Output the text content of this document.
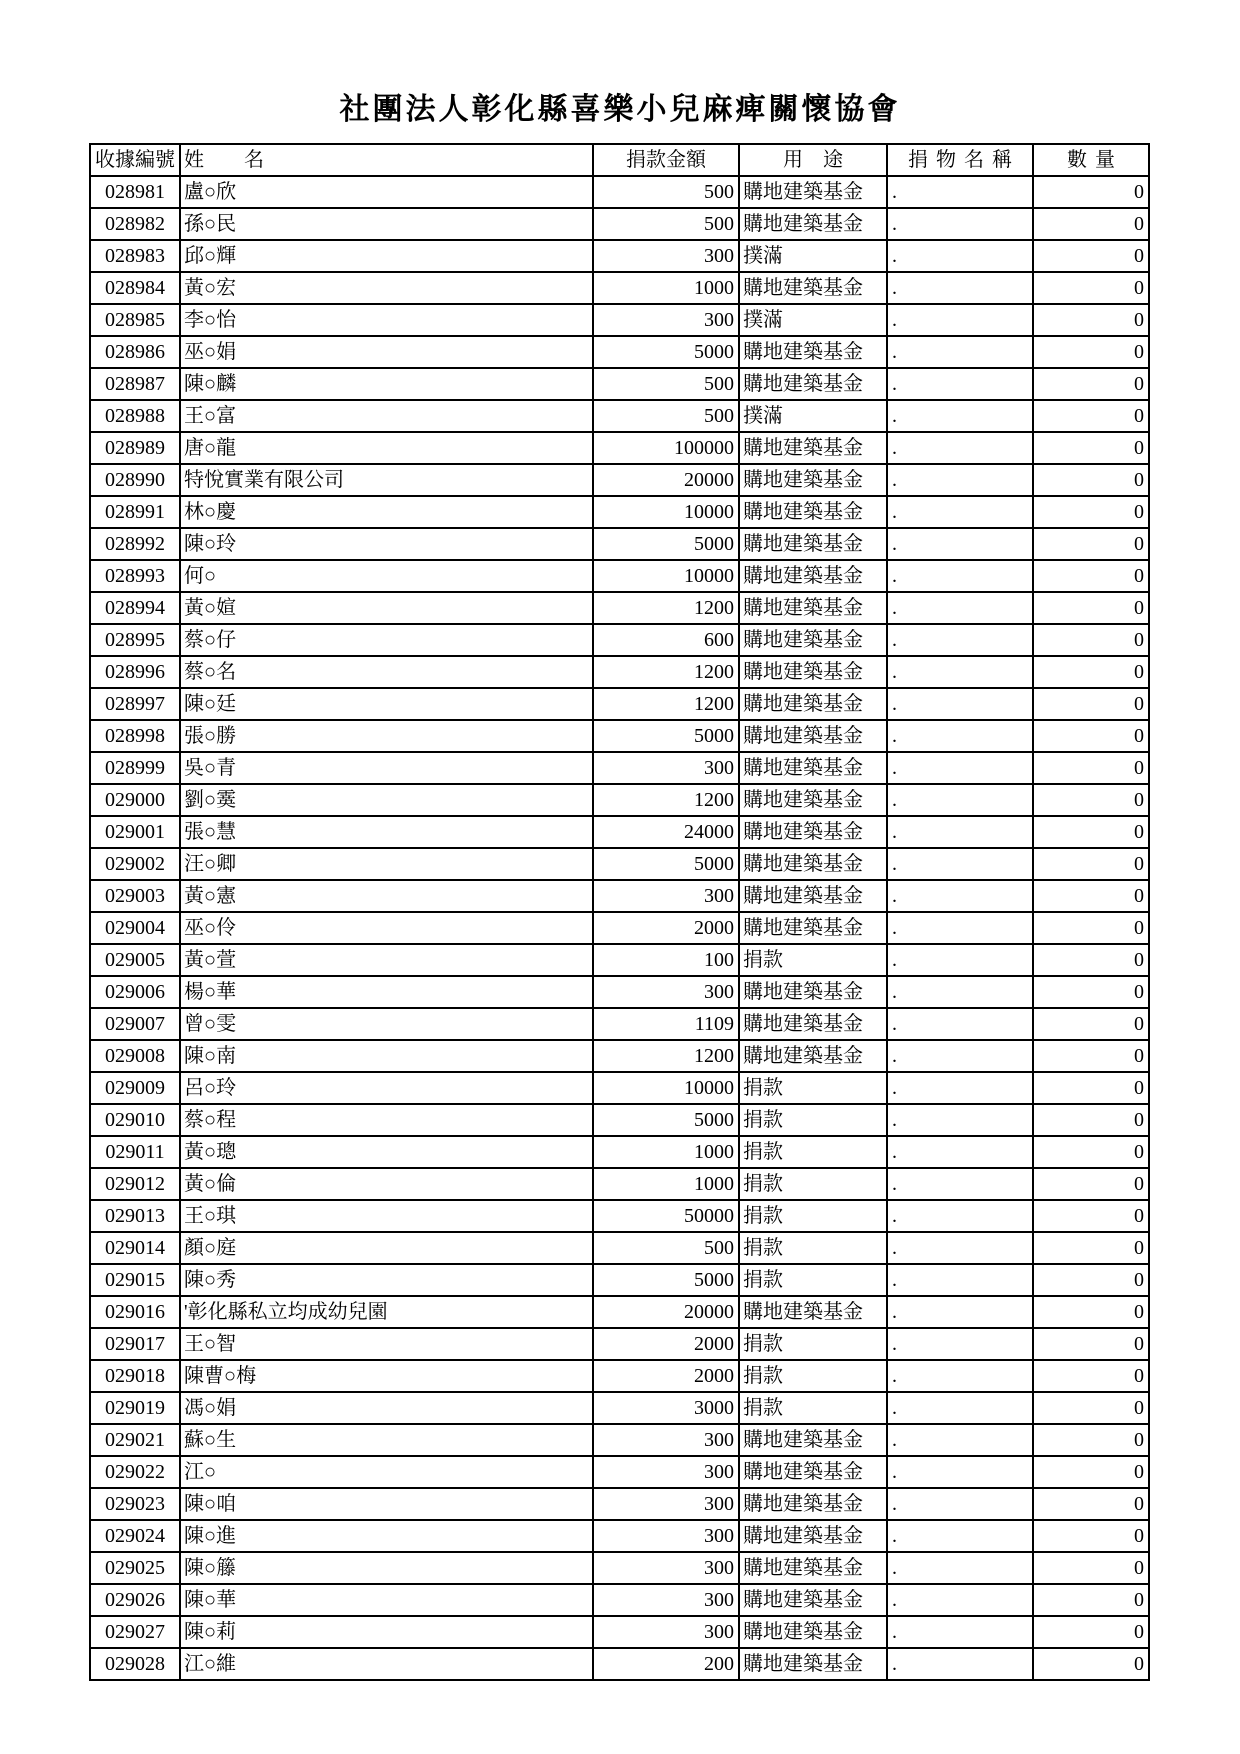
社團法人彰化縣喜樂小兒麻痺關懷協會
收據編號 姓　　名	捐款金額	用　途	捐物名稱	數量
028981 盧○欣	500 購地建築基金	.	0
028982 孫○民	500 購地建築基金	.	0
028983 邱○輝	300 撲滿	.	0
028984 黃○宏	1000 購地建築基金	.	0
028985 李○怡	300 撲滿	.	0
028986 巫○娟	5000 購地建築基金	.	0
028987 陳○麟	500 購地建築基金	.	0
028988 王○富	500 撲滿	.	0
028989 唐○龍	100000 購地建築基金	.	0
028990 特悅實業有限公司	20000 購地建築基金	.	0
028991 林○慶	10000 購地建築基金	.	0
028992 陳○玲	5000 購地建築基金	.	0
028993 何○	10000 購地建築基金	.	0
028994 黃○媗	1200 購地建築基金	.	0
028995 蔡○仔	600 購地建築基金	.	0
028996 蔡○名	1200 購地建築基金	.	0
028997 陳○廷	1200 購地建築基金	.	0
028998 張○勝	5000 購地建築基金	.	0
028999 吳○青	300 購地建築基金	.	0
029000 劉○霙	1200 購地建築基金	.	0
029001 張○慧	24000 購地建築基金	.	0
029002 汪○卿	5000 購地建築基金	.	0
029003 黃○憲	300 購地建築基金	.	0
029004 巫○伶	2000 購地建築基金	.	0
029005 黃○萱	100 捐款	.	0
029006 楊○華	300 購地建築基金	.	0
029007 曾○雯	1109 購地建築基金	.	0
029008 陳○南	1200 購地建築基金	.	0
029009 呂○玲	10000 捐款	.	0
029010 蔡○程	5000 捐款	.	0
029011 黃○璁	1000 捐款	.	0
029012 黃○倫	1000 捐款	.	0
029013 王○琪	50000 捐款	.	0
029014 顏○庭	500 捐款	.	0
029015 陳○秀	5000 捐款	.	0
029016 '彰化縣私立均成幼兒園	20000 購地建築基金	.	0
029017 王○智	2000 捐款	.	0
029018 陳曹○梅	2000 捐款	.	0
029019 馮○娟	3000 捐款	.	0
029021 蘇○生	300 購地建築基金	.	0
029022 江○	300 購地建築基金	.	0
029023 陳○咱	300 購地建築基金	.	0
029024 陳○進	300 購地建築基金	.	0
029025 陳○籐	300 購地建築基金	.	0
029026 陳○華	300 購地建築基金	.	0
029027 陳○莉	300 購地建築基金	.	0
029028 江○維	200 購地建築基金	.	0
